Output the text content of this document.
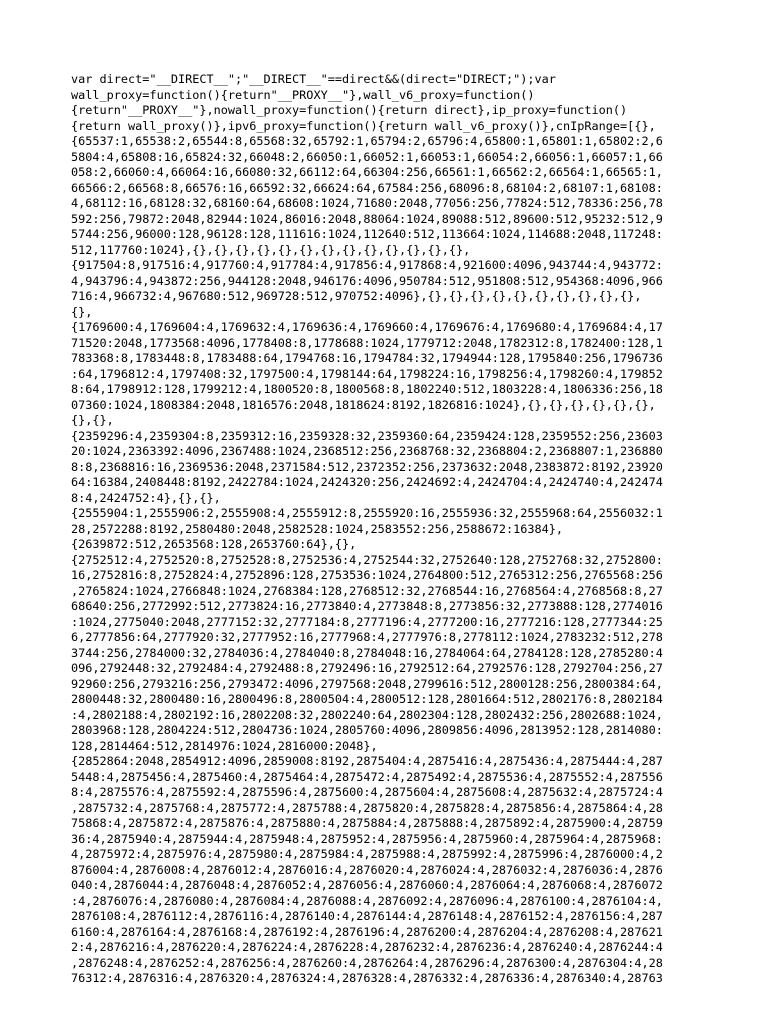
var direct="__DIRECT__";"__DIRECT__"==direct&&(direct="DIRECT;");var
wall_proxy=function(){return"__PROXY__"},wall_v6_proxy=function()
{return"__PROXY__"},nowall_proxy=function(){return direct},ip_proxy=function()
{return wall_proxy()},ipv6_proxy=function(){return wall_v6_proxy()},cnIpRange=[{},
{65537:1,65538:2,65544:8,65568:32,65792:1,65794:2,65796:4,65800:1,65801:1,65802:2,6
5804:4,65808:16,65824:32,66048:2,66050:1,66052:1,66053:1,66054:2,66056:1,66057:1,66
058:2,66060:4,66064:16,66080:32,66112:64,66304:256,66561:1,66562:2,66564:1,66565:1,
66566:2,66568:8,66576:16,66592:32,66624:64,67584:256,68096:8,68104:2,68107:1,68108:
4,68112:16,68128:32,68160:64,68608:1024,71680:2048,77056:256,77824:512,78336:256,78
592:256,79872:2048,82944:1024,86016:2048,88064:1024,89088:512,89600:512,95232:512,9
5744:256,96000:128,96128:128,111616:1024,112640:512,113664:1024,114688:2048,117248:
512,117760:1024},{},{},{},{},{},{},{},{},{},{},{},{},{},
{917504:8,917516:4,917760:4,917784:4,917856:4,917868:4,921600:4096,943744:4,943772:
4,943796:4,943872:256,944128:2048,946176:4096,950784:512,951808:512,954368:4096,966
716:4,966732:4,967680:512,969728:512,970752:4096},{},{},{},{},{},{},{},{},{},{},
{},
{1769600:4,1769604:4,1769632:4,1769636:4,1769660:4,1769676:4,1769680:4,1769684:4,17
71520:2048,1773568:4096,1778408:8,1778688:1024,1779712:2048,1782312:8,1782400:128,1
783368:8,1783448:8,1783488:64,1794768:16,1794784:32,1794944:128,1795840:256,1796736
:64,1796812:4,1797408:32,1797500:4,1798144:64,1798224:16,1798256:4,1798260:4,179852
8:64,1798912:128,1799212:4,1800520:8,1800568:8,1802240:512,1803228:4,1806336:256,18
07360:1024,1808384:2048,1816576:2048,1818624:8192,1826816:1024},{},{},{},{},{},{},
{},{},
{2359296:4,2359304:8,2359312:16,2359328:32,2359360:64,2359424:128,2359552:256,23603
20:1024,2363392:4096,2367488:1024,2368512:256,2368768:32,2368804:2,2368807:1,236880
8:8,2368816:16,2369536:2048,2371584:512,2372352:256,2373632:2048,2383872:8192,23920
64:16384,2408448:8192,2422784:1024,2424320:256,2424692:4,2424704:4,2424740:4,242474
8:4,2424752:4},{},{},
{2555904:1,2555906:2,2555908:4,2555912:8,2555920:16,2555936:32,2555968:64,2556032:1
28,2572288:8192,2580480:2048,2582528:1024,2583552:256,2588672:16384},
{2639872:512,2653568:128,2653760:64},{},
{2752512:4,2752520:8,2752528:8,2752536:4,2752544:32,2752640:128,2752768:32,2752800:
16,2752816:8,2752824:4,2752896:128,2753536:1024,2764800:512,2765312:256,2765568:256
,2765824:1024,2766848:1024,2768384:128,2768512:32,2768544:16,2768564:4,2768568:8,27
68640:256,2772992:512,2773824:16,2773840:4,2773848:8,2773856:32,2773888:128,2774016
:1024,2775040:2048,2777152:32,2777184:8,2777196:4,2777200:16,2777216:128,2777344:25
6,2777856:64,2777920:32,2777952:16,2777968:4,2777976:8,2778112:1024,2783232:512,278
3744:256,2784000:32,2784036:4,2784040:8,2784048:16,2784064:64,2784128:128,2785280:4
096,2792448:32,2792484:4,2792488:8,2792496:16,2792512:64,2792576:128,2792704:256,27
92960:256,2793216:256,2793472:4096,2797568:2048,2799616:512,2800128:256,2800384:64,
2800448:32,2800480:16,2800496:8,2800504:4,2800512:128,2801664:512,2802176:8,2802184
:4,2802188:4,2802192:16,2802208:32,2802240:64,2802304:128,2802432:256,2802688:1024,
2803968:128,2804224:512,2804736:1024,2805760:4096,2809856:4096,2813952:128,2814080:
128,2814464:512,2814976:1024,2816000:2048},
{2852864:2048,2854912:4096,2859008:8192,2875404:4,2875416:4,2875436:4,2875444:4,287
5448:4,2875456:4,2875460:4,2875464:4,2875472:4,2875492:4,2875536:4,2875552:4,287556
8:4,2875576:4,2875592:4,2875596:4,2875600:4,2875604:4,2875608:4,2875632:4,2875724:4
,2875732:4,2875768:4,2875772:4,2875788:4,2875820:4,2875828:4,2875856:4,2875864:4,28
75868:4,2875872:4,2875876:4,2875880:4,2875884:4,2875888:4,2875892:4,2875900:4,28759
36:4,2875940:4,2875944:4,2875948:4,2875952:4,2875956:4,2875960:4,2875964:4,2875968:
4,2875972:4,2875976:4,2875980:4,2875984:4,2875988:4,2875992:4,2875996:4,2876000:4,2
876004:4,2876008:4,2876012:4,2876016:4,2876020:4,2876024:4,2876032:4,2876036:4,2876
040:4,2876044:4,2876048:4,2876052:4,2876056:4,2876060:4,2876064:4,2876068:4,2876072
:4,2876076:4,2876080:4,2876084:4,2876088:4,2876092:4,2876096:4,2876100:4,2876104:4,
2876108:4,2876112:4,2876116:4,2876140:4,2876144:4,2876148:4,2876152:4,2876156:4,287
6160:4,2876164:4,2876168:4,2876192:4,2876196:4,2876200:4,2876204:4,2876208:4,287621
2:4,2876216:4,2876220:4,2876224:4,2876228:4,2876232:4,2876236:4,2876240:4,2876244:4
,2876248:4,2876252:4,2876256:4,2876260:4,2876264:4,2876296:4,2876300:4,2876304:4,28
76312:4,2876316:4,2876320:4,2876324:4,2876328:4,2876332:4,2876336:4,2876340:4,28763
